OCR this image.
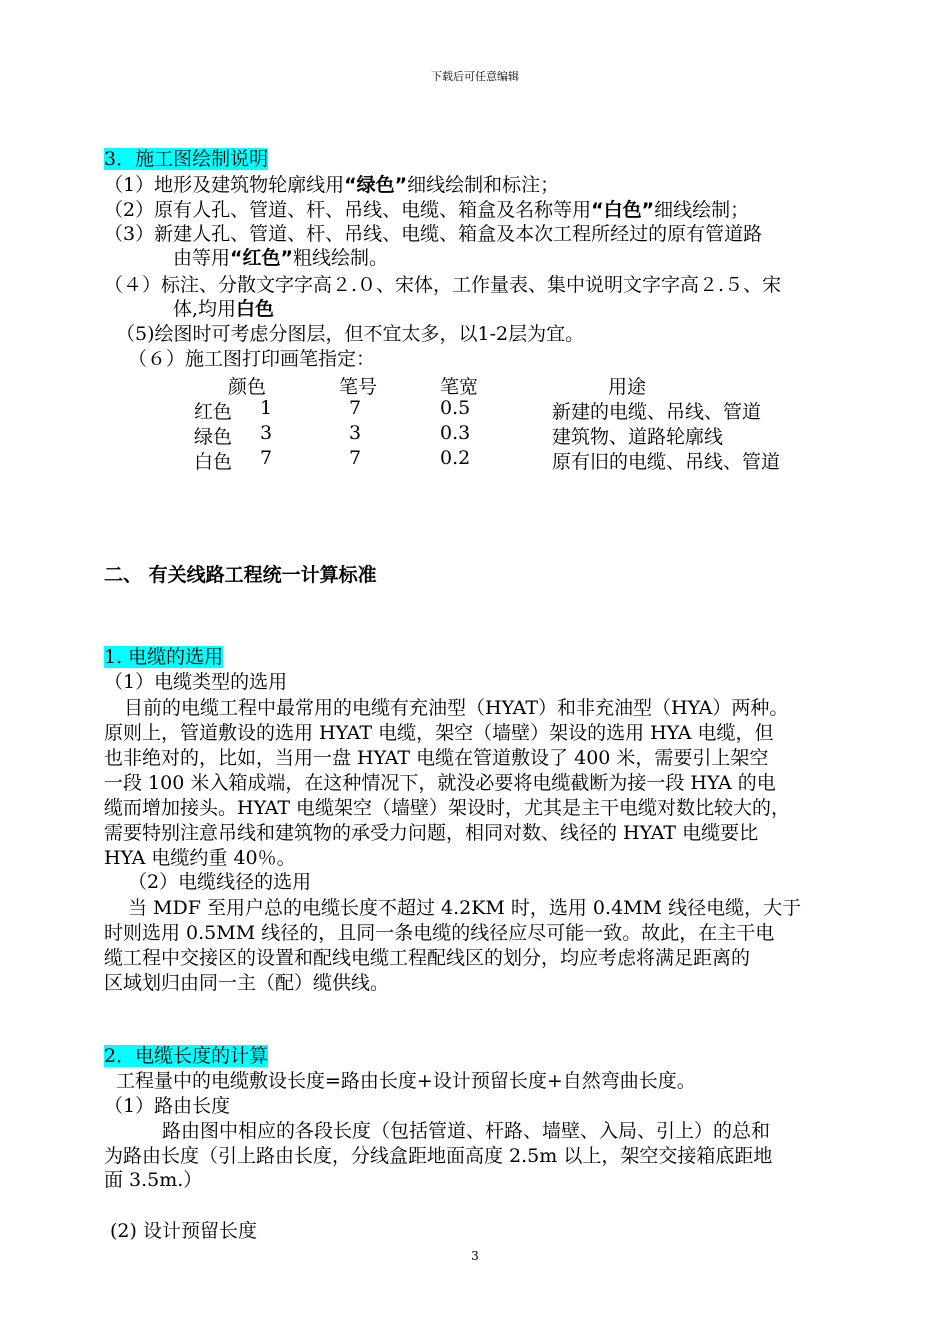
下载后可任意编辑
3．施工图绘制说明
（1）地形及建筑物轮廓线用“绿色”细线绘制和标注；
（2）原有人孔、管道、杆、吊线、电缆、箱盒及名称等用“白色”细线绘制；
（3）新建人孔、管道、杆、吊线、电缆、箱盒及本次工程所经过的原有管道路
由等用“红色”粗线绘制。
（４）标注、分散文字字高２.０、宋体，工作量表、集中说明文字字高２.５、宋
体,均用白色
（5)绘图时可考虑分图层，但不宜太多，以1-2层为宜。
（６）施工图打印画笔指定：
颜色	笔号	笔宽	用途
红色 1	7	0.5	新建的电缆、吊线、管道
绿色 3	3	0.3	建筑物、道路轮廓线
白色 7	7	0.2	原有旧的电缆、吊线、管道
二、 有关线路工程统一计算标准
1. 电缆的选用
（1）电缆类型的选用
目前的电缆工程中最常用的电缆有充油型（HYAT）和非充油型（HYA）两种。
原则上，管道敷设的选用 HYAT 电缆，架空（墙壁）架设的选用 HYA 电缆，但
也非绝对的，比如，当用一盘 HYAT 电缆在管道敷设了 400 米，需要引上架空
一段 100 米入箱成端，在这种情况下，就没必要将电缆截断为接一段 HYA 的电
缆而增加接头。HYAT 电缆架空（墙壁）架设时，尤其是主干电缆对数比较大的，
需要特别注意吊线和建筑物的承受力问题，相同对数、线径的 HYAT 电缆要比
HYA 电缆约重 40％。
（2）电缆线径的选用
当 MDF 至用户总的电缆长度不超过 4.2KM 时，选用 0.4MM 线径电缆，大于
时则选用 0.5MM 线径的，且同一条电缆的线径应尽可能一致。故此，在主干电
缆工程中交接区的设置和配线电缆工程配线区的划分，均应考虑将满足距离的
区域划归由同一主（配）缆供线。
2．电缆长度的计算
工程量中的电缆敷设长度=路由长度+设计预留长度+自然弯曲长度。
（1）路由长度
路由图中相应的各段长度（包括管道、杆路、墙壁、入局、引上）的总和
为路由长度（引上路由长度，分线盒距地面高度 2.5m 以上，架空交接箱底距地
面 3.5m.）
(2) 设计预留长度
3
